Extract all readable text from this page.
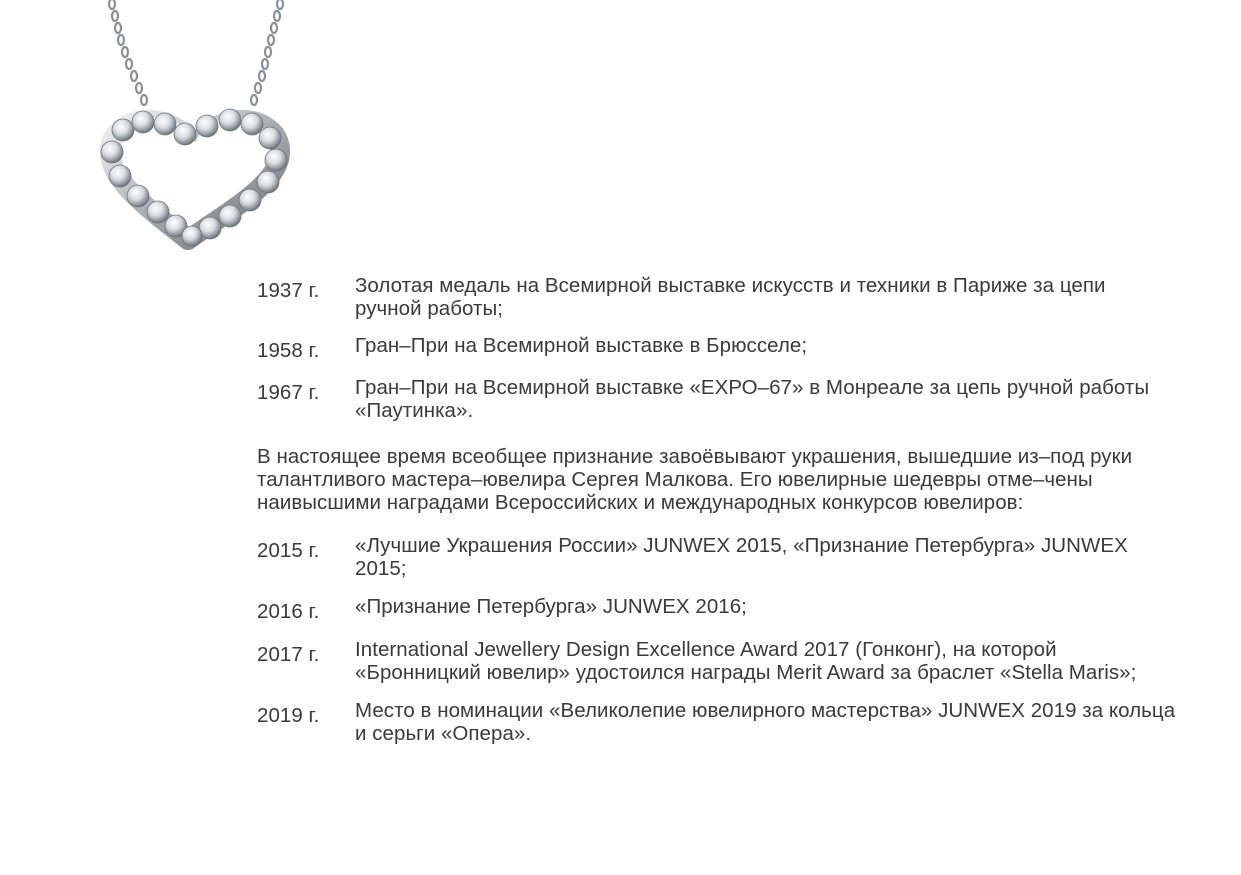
1937 г.	Золотая медаль на Всемирной выставке искусств и техники в Париже за цепи ручной работы;
1958 г.	Гран–При на Всемирной выставке в Брюсселе;
1967 г.	Гран–При на Всемирной выставке «ЕХРО–67» в Монреале за цепь ручной работы «Паутинка».
В настоящее время всеобщее признание завоёвывают украшения, вышедшие из–под руки талантливого мастера–ювелира Сергея Малкова. Его ювелирные шедевры отме–чены наивысшими наградами Всероссийских и международных конкурсов ювелиров:
2015 г.	«Лучшие Украшения России» JUNWEX 2015, «Признание Петербурга» JUNWEX 2015;
2016 г.	«Признание Петербурга» JUNWEX 2016;
2017 г.	International Jewellery Design Excellence Award 2017 (Гонконг), на которой «Бронницкий ювелир» удостоился награды Merit Award за браслет «Stella Maris»;
2019 г.	Место в номинации «Великолепие ювелирного мастерства» JUNWEX 2019 за кольца и серьги «Опера».
